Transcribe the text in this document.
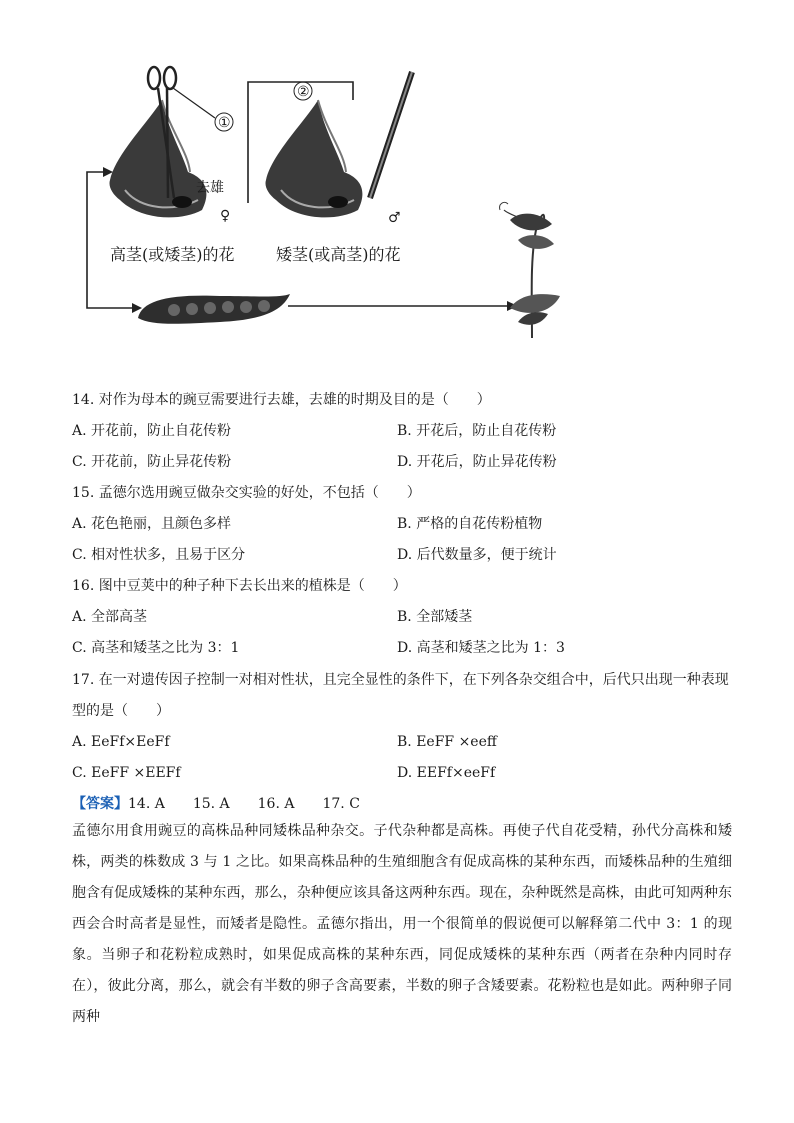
①
去雄
♀
②
♂
高茎(或矮茎)的花	矮茎(或高茎)的花
14. 对作为母本的豌豆需要进行去雄，去雄的时期及目的是（　　）
A. 开花前，防止自花传粉	B. 开花后，防止自花传粉
C. 开花前，防止异花传粉	D. 开花后，防止异花传粉
15. 孟德尔选用豌豆做杂交实验的好处，不包括（　　）
A. 花色艳丽，且颜色多样	B. 严格的自花传粉植物
C. 相对性状多，且易于区分	D. 后代数量多，便于统计
16. 图中豆荚中的种子种下去长出来的植株是（　　）
A. 全部高茎	B. 全部矮茎
C. 高茎和矮茎之比为 3：1	D. 高茎和矮茎之比为 1：3
17. 在一对遗传因子控制一对相对性状，且完全显性的条件下，在下列各杂交组合中，后代只出现一种表现
型的是（　　）
A. EeFf×EeFf	B. EeFF ×eeff
C. EeFF ×EEFf	D. EEFf×eeFf
【答案】14. A　　15. A　　16. A　　17. C
孟德尔用食用豌豆的高株品种同矮株品种杂交。子代杂种都是高株。再使子代自花受精，孙代分高株和矮株，两类的株数成 3 与 1 之比。如果高株品种的生殖细胞含有促成高株的某种东西，而矮株品种的生殖细胞含有促成矮株的某种东西，那么，杂种便应该具备这两种东西。现在，杂种既然是高株，由此可知两种东西会合时高者是显性，而矮者是隐性。孟德尔指出，用一个很简单的假说便可以解释第二代中 3：1 的现象。当卵子和花粉粒成熟时，如果促成高株的某种东西，同促成矮株的某种东西（两者在杂种内同时存在），彼此分离，那么，就会有半数的卵子含高要素，半数的卵子含矮要素。花粉粒也是如此。两种卵子同两种
